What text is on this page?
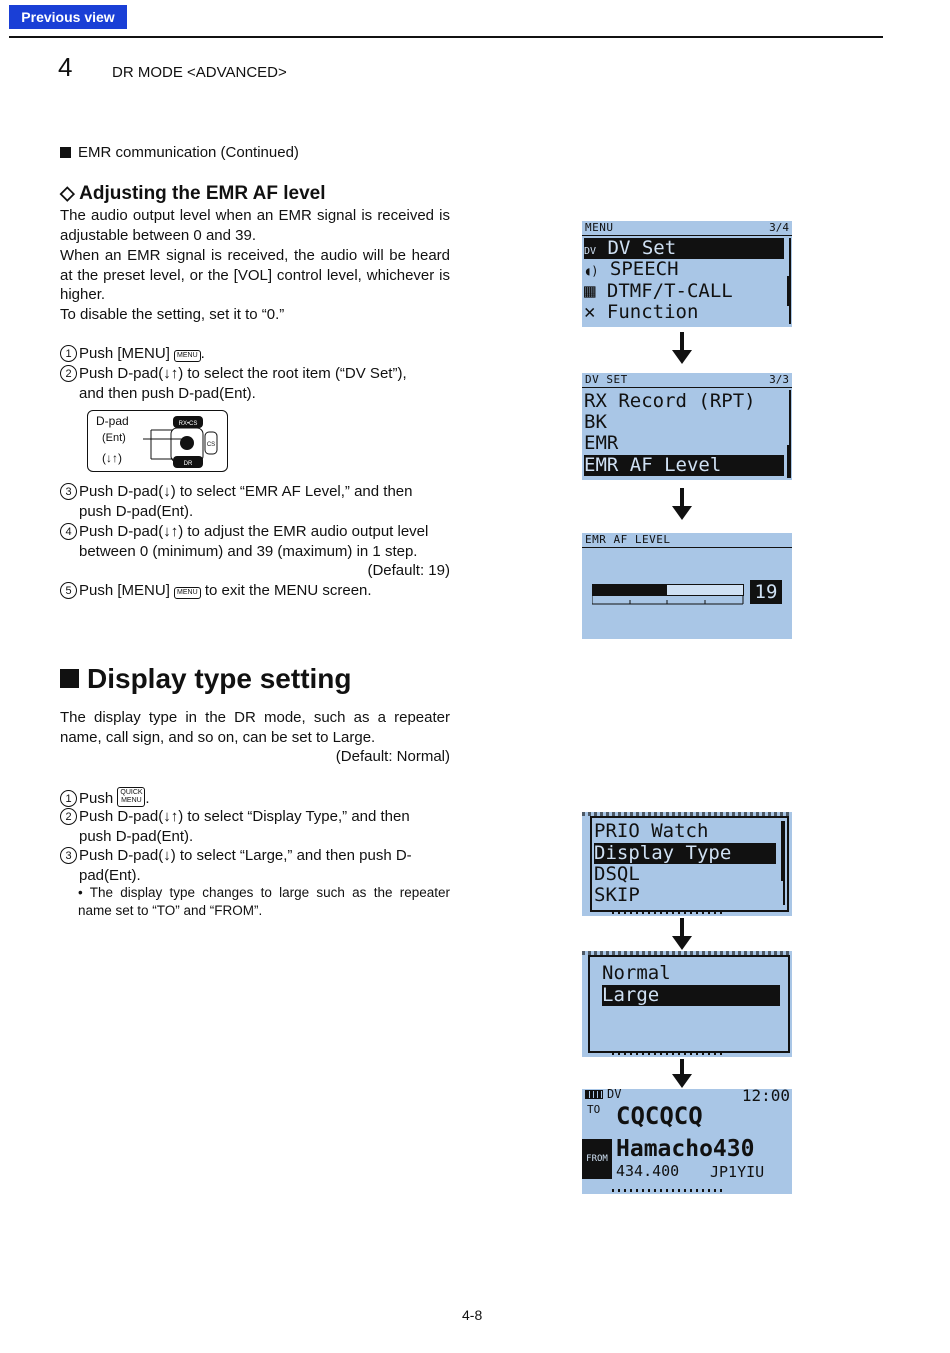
Previous view
4	DR MODE <ADVANCED>
EMR communication (Continued)
◇ Adjusting the EMR AF level
The audio output level when an EMR signal is received is adjustable between 0 and 39.
When an EMR signal is received, the audio will be heard at the preset level, or the [VOL] control level, whichever is higher.
To disable the setting, set it to “0.”
1 Push [MENU] MENU .
2 Push D-pad(↓↑) to select the root item (“DV Set”),
and then push D-pad(Ent).
D-pad
(Ent)
(↓↑)
RX•CS
DR
CS
3 Push D-pad(↓) to select “EMR AF Level,” and then
push D-pad(Ent).
4 Push D-pad(↓↑) to adjust the EMR audio output level
between 0 (minimum) and 39 (maximum) in 1 step.
(Default: 19)
5 Push [MENU] MENU to exit the MENU screen.
Display type setting
The display type in the DR mode, such as a repeater name, call sign, and so on, can be set to Large.
(Default: Normal)
1 Push QUICK MENU .
2 Push D-pad(↓↑) to select “Display Type,” and then
push D-pad(Ent).
3 Push D-pad(↓) to select “Large,” and then push D-
pad(Ent).
• The display type changes to large such as the repeater name set to “TO” and “FROM”.
4-8
MENU	3/4
DV DV Set
◖) SPEECH
▦ DTMF/T-CALL
✕ Function
DV SET	3/3
RX Record (RPT)
BK
EMR
EMR AF Level
EMR AF LEVEL
19
PRIO Watch
Display Type
DSQL
SKIP
Normal
Large
DV	12:00
TO CQCQCQ
FROM Hamacho430
434.400 JP1YIU
